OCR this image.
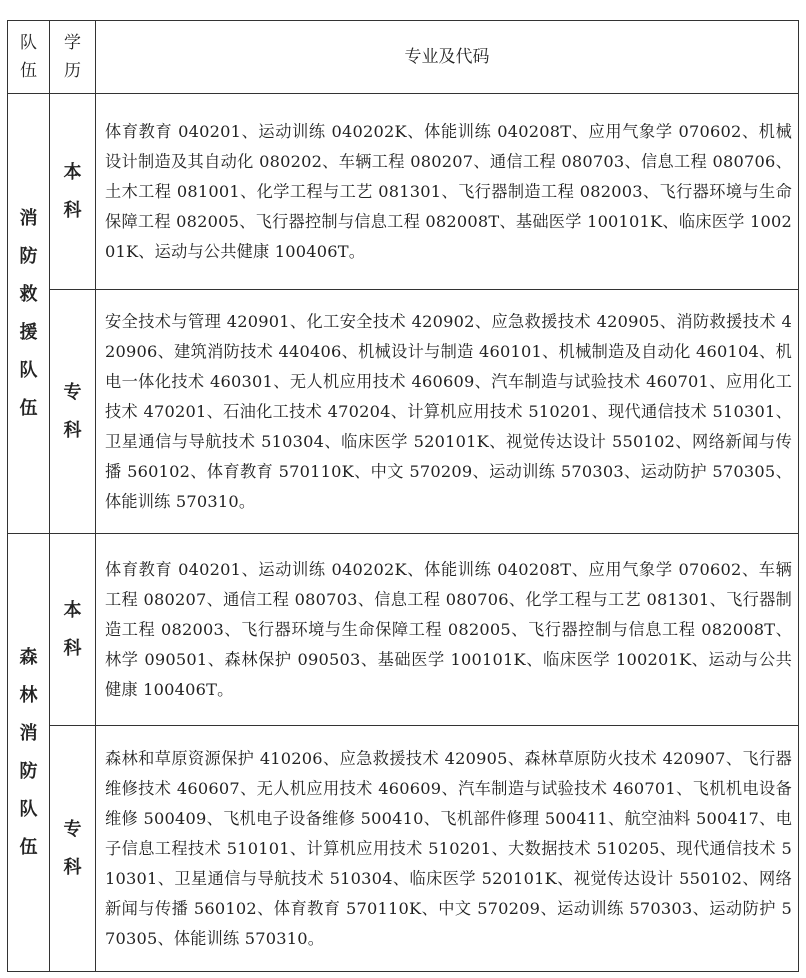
队伍	学历	专业及代码
消防救援队伍	本科	体育教育 040201、运动训练 040202K、体能训练 040208T、应用气象学 070602、机械设计制造及其自动化 080202、车辆工程 080207、通信工程 080703、信息工程 080706、土木工程 081001、化学工程与工艺 081301、飞行器制造工程 082003、飞行器环境与生命保障工程 082005、飞行器控制与信息工程 082008T、基础医学 100101K、临床医学 100201K、运动与公共健康 100406T。
	专科	安全技术与管理 420901、化工安全技术 420902、应急救援技术 420905、消防救援技术 420906、建筑消防技术 440406、机械设计与制造 460101、机械制造及自动化 460104、机电一体化技术 460301、无人机应用技术 460609、汽车制造与试验技术 460701、应用化工技术 470201、石油化工技术 470204、计算机应用技术 510201、现代通信技术 510301、卫星通信与导航技术 510304、临床医学 520101K、视觉传达设计 550102、网络新闻与传播 560102、体育教育 570110K、中文 570209、运动训练 570303、运动防护 570305、体能训练 570310。
森林消防队伍	本科	体育教育 040201、运动训练 040202K、体能训练 040208T、应用气象学 070602、车辆工程 080207、通信工程 080703、信息工程 080706、化学工程与工艺 081301、飞行器制造工程 082003、飞行器环境与生命保障工程 082005、飞行器控制与信息工程 082008T、林学 090501、森林保护 090503、基础医学 100101K、临床医学 100201K、运动与公共健康 100406T。
	专科	森林和草原资源保护 410206、应急救援技术 420905、森林草原防火技术 420907、飞行器维修技术 460607、无人机应用技术 460609、汽车制造与试验技术 460701、飞机机电设备维修 500409、飞机电子设备维修 500410、飞机部件修理 500411、航空油料 500417、电子信息工程技术 510101、计算机应用技术 510201、大数据技术 510205、现代通信技术 510301、卫星通信与导航技术 510304、临床医学 520101K、视觉传达设计 550102、网络新闻与传播 560102、体育教育 570110K、中文 570209、运动训练 570303、运动防护 570305、体能训练 570310。
